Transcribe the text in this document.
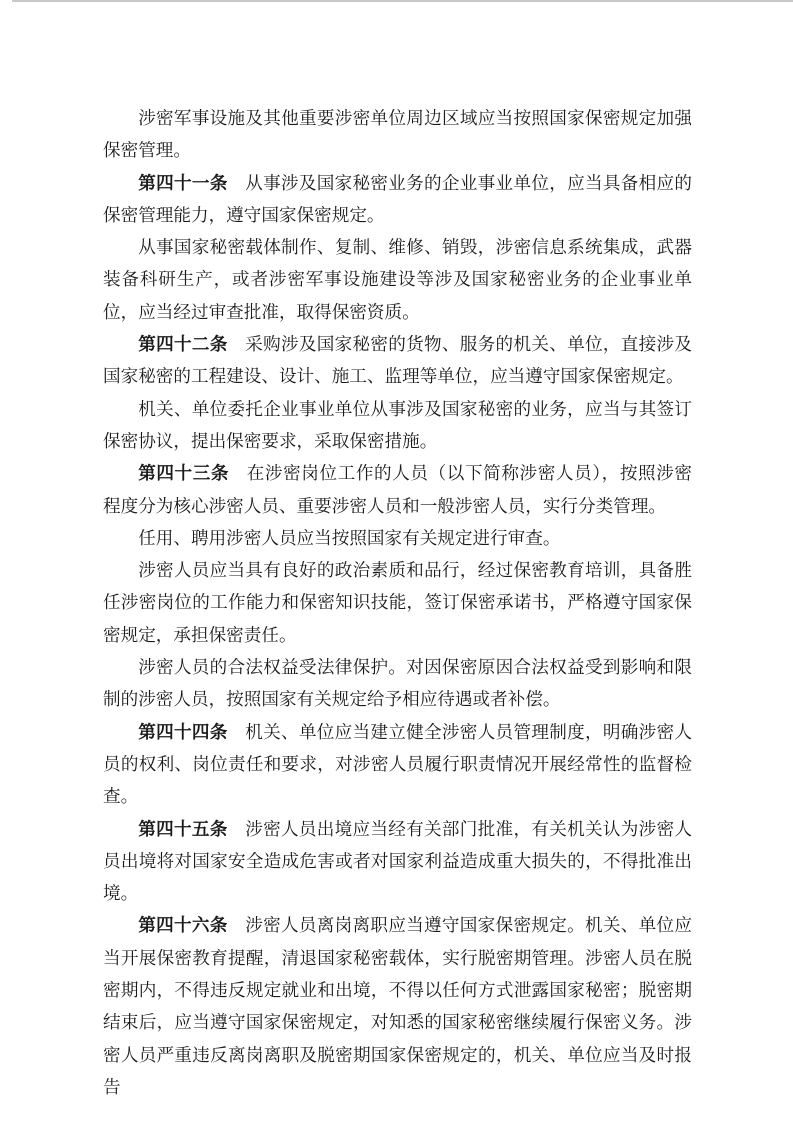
涉密军事设施及其他重要涉密单位周边区域应当按照国家保密规定加强保密管理。

第四十一条 从事涉及国家秘密业务的企业事业单位，应当具备相应的保密管理能力，遵守国家保密规定。

从事国家秘密载体制作、复制、维修、销毁，涉密信息系统集成，武器装备科研生产，或者涉密军事设施建设等涉及国家秘密业务的企业事业单位，应当经过审查批准，取得保密资质。

第四十二条 采购涉及国家秘密的货物、服务的机关、单位，直接涉及国家秘密的工程建设、设计、施工、监理等单位，应当遵守国家保密规定。

机关、单位委托企业事业单位从事涉及国家秘密的业务，应当与其签订保密协议，提出保密要求，采取保密措施。

第四十三条 在涉密岗位工作的人员（以下简称涉密人员），按照涉密程度分为核心涉密人员、重要涉密人员和一般涉密人员，实行分类管理。

任用、聘用涉密人员应当按照国家有关规定进行审查。

涉密人员应当具有良好的政治素质和品行，经过保密教育培训，具备胜任涉密岗位的工作能力和保密知识技能，签订保密承诺书，严格遵守国家保密规定，承担保密责任。

涉密人员的合法权益受法律保护。对因保密原因合法权益受到影响和限制的涉密人员，按照国家有关规定给予相应待遇或者补偿。

第四十四条 机关、单位应当建立健全涉密人员管理制度，明确涉密人员的权利、岗位责任和要求，对涉密人员履行职责情况开展经常性的监督检查。

第四十五条 涉密人员出境应当经有关部门批准，有关机关认为涉密人员出境将对国家安全造成危害或者对国家利益造成重大损失的，不得批准出境。

第四十六条 涉密人员离岗离职应当遵守国家保密规定。机关、单位应当开展保密教育提醒，清退国家秘密载体，实行脱密期管理。涉密人员在脱密期内，不得违反规定就业和出境，不得以任何方式泄露国家秘密；脱密期结束后，应当遵守国家保密规定，对知悉的国家秘密继续履行保密义务。涉密人员严重违反离岗离职及脱密期国家保密规定的，机关、单位应当及时报告
